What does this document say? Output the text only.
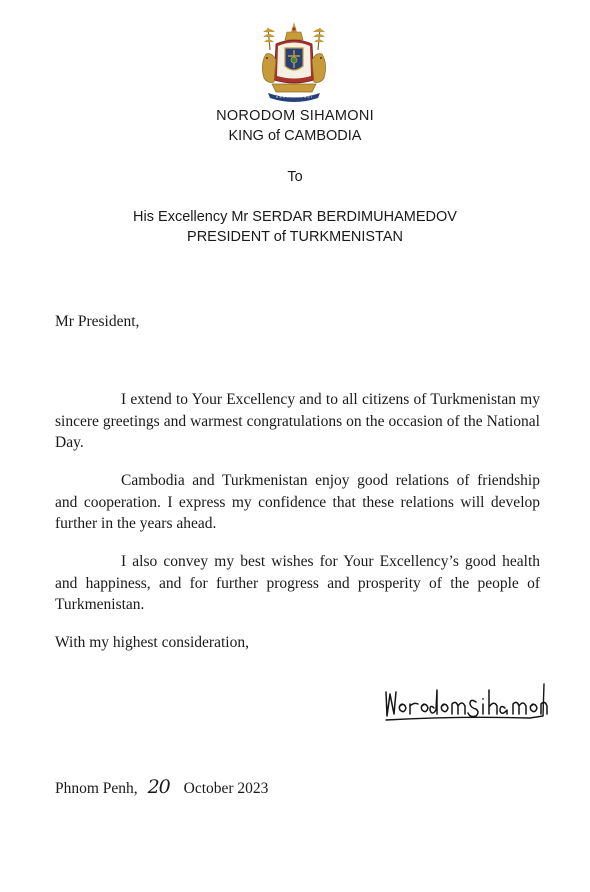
NORODOM SIHAMONI
KING of CAMBODIA
To
His Excellency Mr SERDAR BERDIMUHAMEDOV
PRESIDENT of TURKMENISTAN
Mr President,

I extend to Your Excellency and to all citizens of Turkmenistan my sincere greetings and warmest congratulations on the occasion of the National Day.

Cambodia and Turkmenistan enjoy good relations of friendship and cooperation. I express my confidence that these relations will develop further in the years ahead.

I also convey my best wishes for Your Excellency’s good health and happiness, and for further progress and prosperity of the people of Turkmenistan.

With my highest consideration,
Phnom Penh, 20 October 2023
